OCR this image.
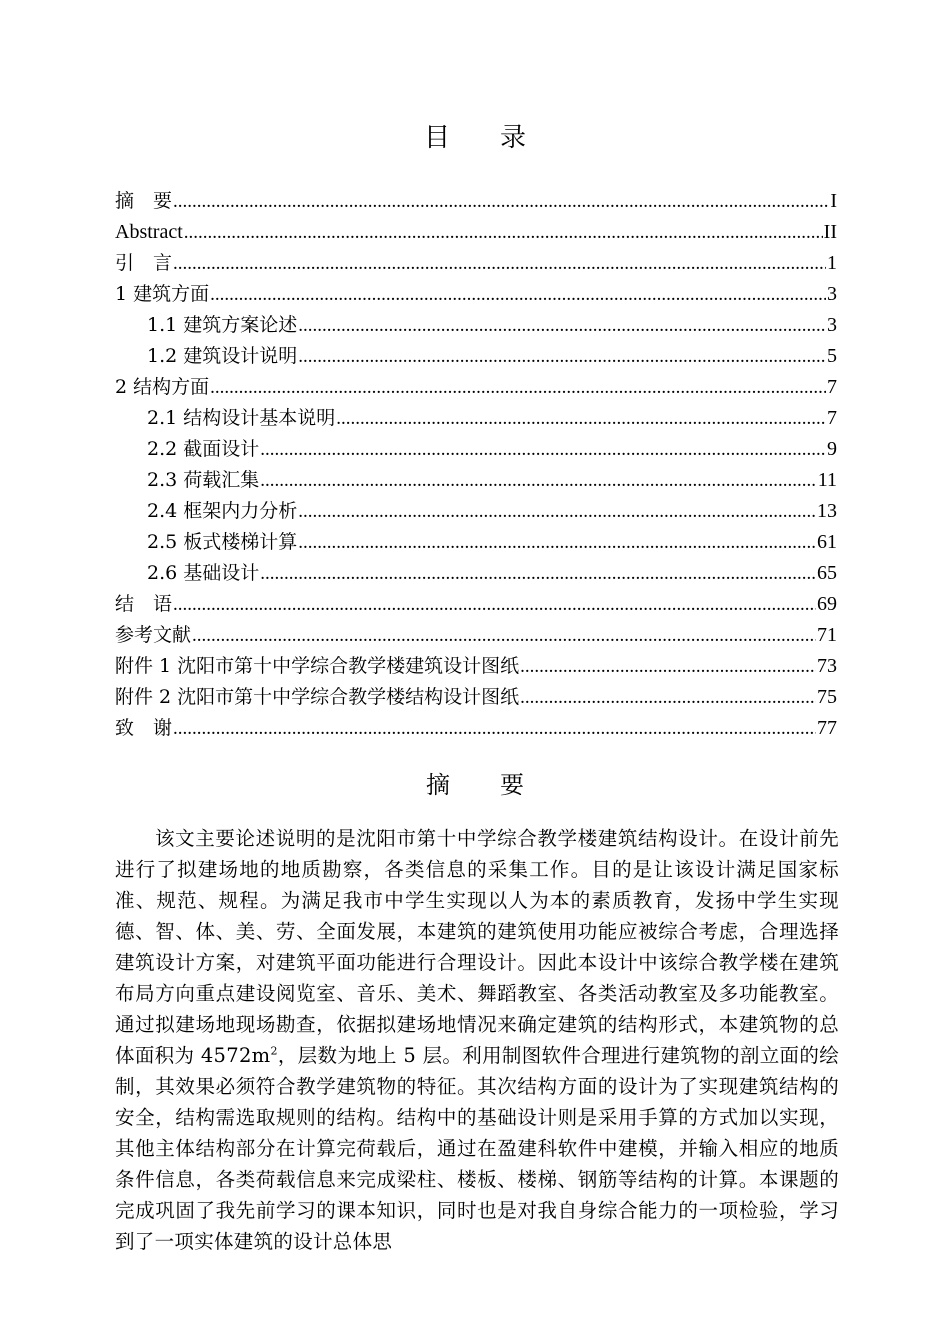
目录
摘　要 .....	I
Abstract .....	II
引　言 .....	1
1 建筑方面 .....	3
1.1 建筑方案论述 .....	3
1.2 建筑设计说明 .....	5
2 结构方面 .....	7
2.1 结构设计基本说明 .....	7
2.2 截面设计 .....	9
2.3 荷载汇集 .....	11
2.4 框架内力分析 .....	13
2.5 板式楼梯计算 .....	61
2.6 基础设计 .....	65
结　语 .....	69
参考文献 .....	71
附件 1 沈阳市第十中学综合教学楼建筑设计图纸 .....	73
附件 2 沈阳市第十中学综合教学楼结构设计图纸 .....	75
致　谢 .....	77
摘要

该文主要论述说明的是沈阳市第十中学综合教学楼建筑结构设计。在设计前先进行了拟建场地的地质勘察，各类信息的采集工作。目的是让该设计满足国家标准、规范、规程。为满足我市中学生实现以人为本的素质教育，发扬中学生实现德、智、体、美、劳、全面发展，本建筑的建筑使用功能应被综合考虑，合理选择建筑设计方案，对建筑平面功能进行合理设计。因此本设计中该综合教学楼在建筑布局方向重点建设阅览室、音乐、美术、舞蹈教室、各类活动教室及多功能教室。通过拟建场地现场勘查，依据拟建场地情况来确定建筑的结构形式，本建筑物的总体面积为 $4572m^2$，层数为地上 5 层。利用制图软件合理进行建筑物的剖立面的绘制，其效果必须符合教学建筑物的特征。其次结构方面的设计为了实现建筑结构的安全，结构需选取规则的结构。结构中的基础设计则是采用手算的方式加以实现，其他主体结构部分在计算完荷载后，通过在盈建科软件中建模，并输入相应的地质条件信息，各类荷载信息来完成梁柱、楼板、楼梯、钢筋等结构的计算。本课题的完成巩固了我先前学习的课本知识，同时也是对我自身综合能力的一项检验，学习到了一项实体建筑的设计总体思
